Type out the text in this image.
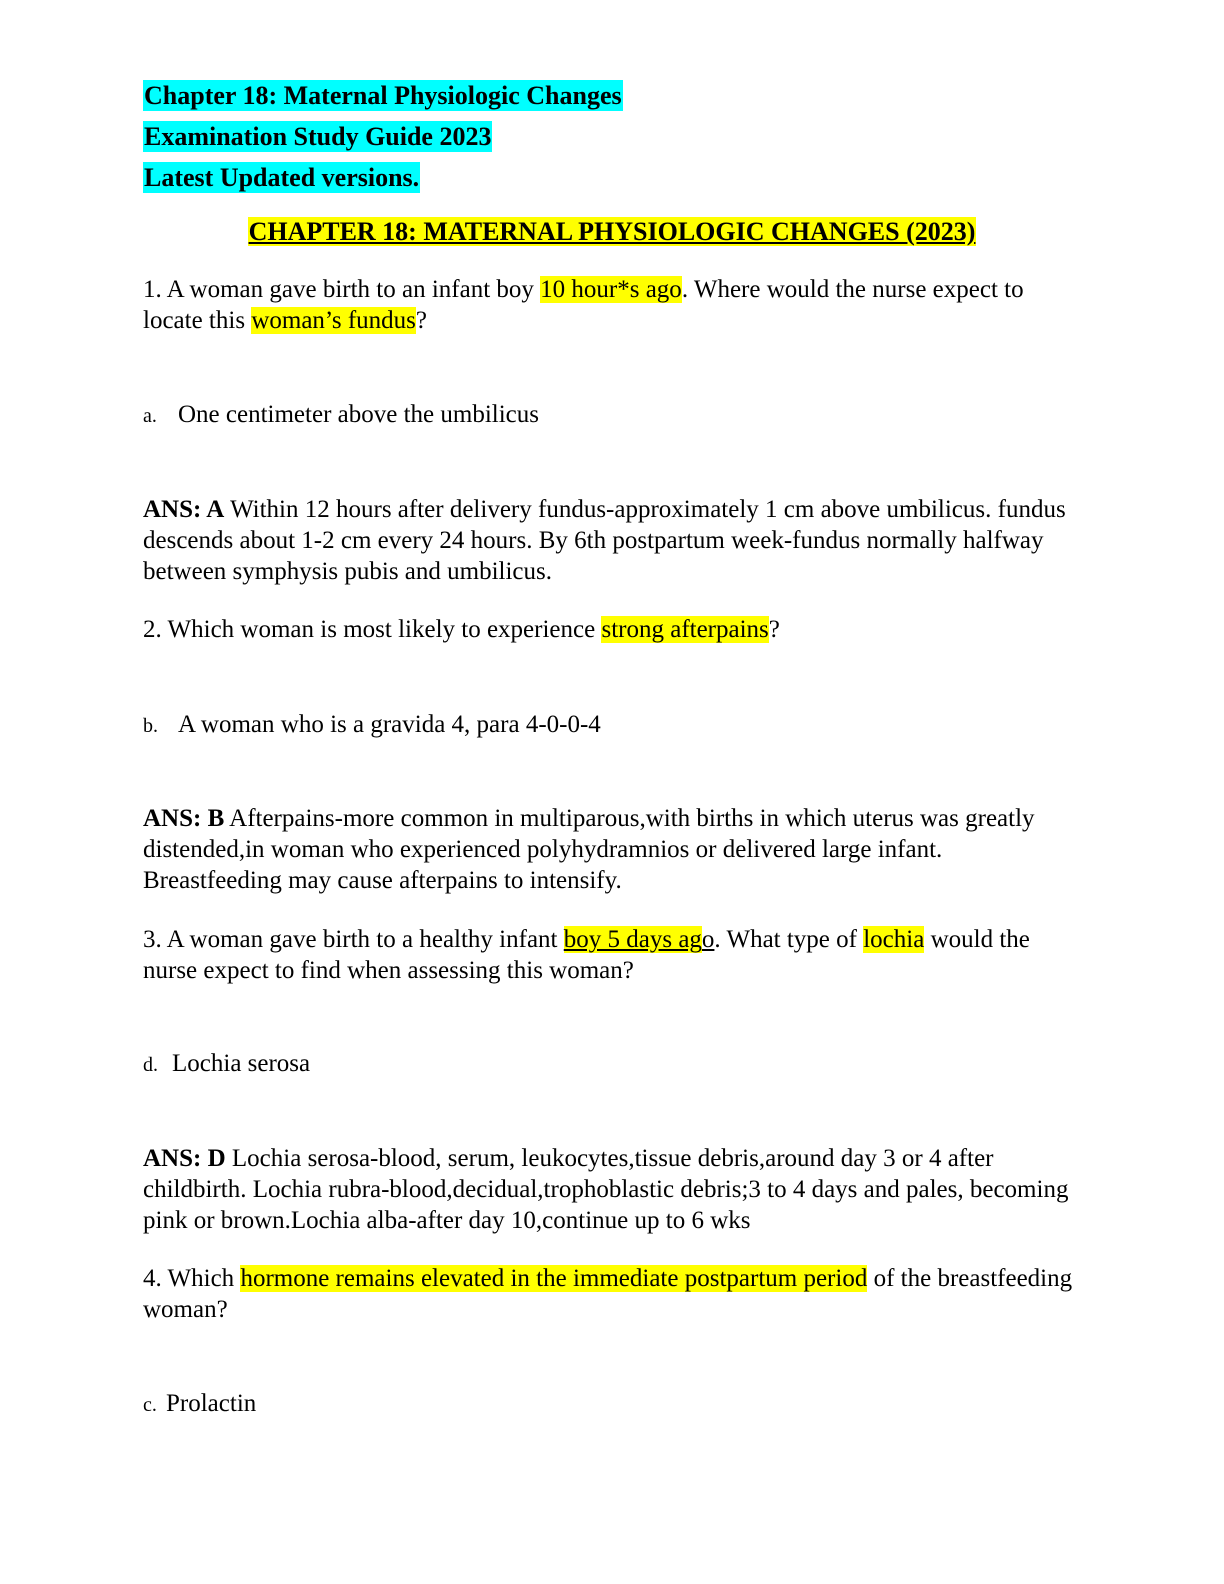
Chapter 18: Maternal Physiologic Changes
Examination Study Guide 2023
Latest Updated versions.
CHAPTER 18: MATERNAL PHYSIOLOGIC CHANGES (2023)
1. A woman gave birth to an infant boy 10 hour*s ago. Where would the nurse expect to locate this woman’s fundus?
a. One centimeter above the umbilicus
ANS: A Within 12 hours after delivery fundus-approximately 1 cm above umbilicus. fundus descends about 1-2 cm every 24 hours. By 6th postpartum week-fundus normally halfway between symphysis pubis and umbilicus.
2. Which woman is most likely to experience strong afterpains?
b. A woman who is a gravida 4, para 4-0-0-4
ANS: B Afterpains-more common in multiparous,with births in which uterus was greatly distended,in woman who experienced polyhydramnios or delivered large infant. Breastfeeding may cause afterpains to intensify.
3. A woman gave birth to a healthy infant boy 5 days ago. What type of lochia would the nurse expect to find when assessing this woman?
d. Lochia serosa
ANS: D Lochia serosa-blood, serum, leukocytes,tissue debris,around day 3 or 4 after childbirth. Lochia rubra-blood,decidual,trophoblastic debris;3 to 4 days and pales, becoming pink or brown.Lochia alba-after day 10,continue up to 6 wks
4. Which hormone remains elevated in the immediate postpartum period of the breastfeeding woman?
c. Prolactin
